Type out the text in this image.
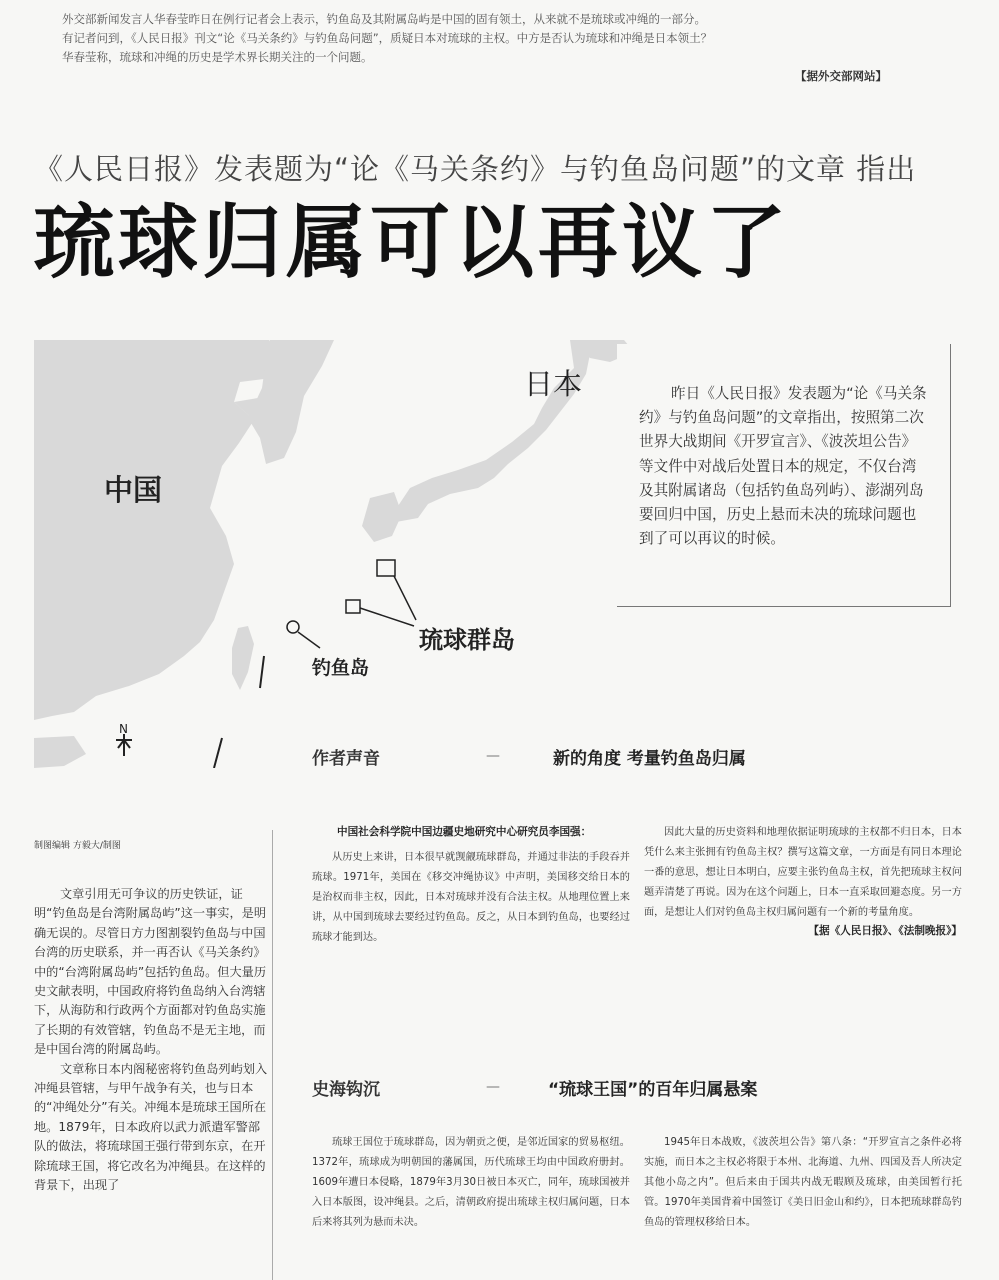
外交部新闻发言人华春莹昨日在例行记者会上表示，钓鱼岛及其附属岛屿是中国的固有领土，从来就不是琉球或冲绳的一部分。

有记者问到，《人民日报》刊文“论《马关条约》与钓鱼岛问题”，质疑日本对琉球的主权。中方是否认为琉球和冲绳是日本领土？

华春莹称，琉球和冲绳的历史是学术界长期关注的一个问题。

【据外交部网站】
《人民日报》发表题为“论《马关条约》与钓鱼岛问题”的文章 指出
琉球归属可以再议了
日本
中国
琉球群岛
钓鱼岛
N

昨日《人民日报》发表题为“论《马关条约》与钓鱼岛问题”的文章指出，按照第二次世界大战期间《开罗宣言》、《波茨坦公告》等文件中对战后处置日本的规定，不仅台湾及其附属诸岛（包括钓鱼岛列屿）、澎湖列岛要回归中国，历史上悬而未决的琉球问题也到了可以再议的时候。

制图编辑 方毅大/制图

文章引用无可争议的历史铁证，证明“钓鱼岛是台湾附属岛屿”这一事实，是明确无误的。尽管日方力图割裂钓鱼岛与中国台湾的历史联系，并一再否认《马关条约》中的“台湾附属岛屿”包括钓鱼岛。但大量历史文献表明，中国政府将钓鱼岛纳入台湾辖下，从海防和行政两个方面都对钓鱼岛实施了长期的有效管辖，钓鱼岛不是无主地，而是中国台湾的附属岛屿。

文章称日本内阁秘密将钓鱼岛列屿划入冲绳县管辖，与甲午战争有关，也与日本的“冲绳处分”有关。冲绳本是琉球王国所在地。1879年，日本政府以武力派遣军警部队的做法，将琉球国王强行带到东京，在开除琉球王国，将它改名为冲绳县。在这样的背景下，出现了

作者声音	—	新的角度 考量钓鱼岛归属

中国社会科学院中国边疆史地研究中心研究员李国强：

从历史上来讲，日本很早就觊觎琉球群岛，并通过非法的手段吞并琉球。1971年，美国在《移交冲绳协议》中声明，美国移交给日本的是治权而非主权，因此，日本对琉球并没有合法主权。从地理位置上来讲，从中国到琉球去要经过钓鱼岛。反之，从日本到钓鱼岛，也要经过琉球才能到达。

因此大量的历史资料和地理依据证明琉球的主权都不归日本，日本凭什么来主张拥有钓鱼岛主权？撰写这篇文章，一方面是有同日本理论一番的意思，想让日本明白，应要主张钓鱼岛主权，首先把琉球主权问题弄清楚了再说。因为在这个问题上，日本一直采取回避态度。另一方面，是想让人们对钓鱼岛主权归属问题有一个新的考量角度。

【据《人民日报》、《法制晚报》】
史海钩沉	—	“琉球王国”的百年归属悬案

琉球王国位于琉球群岛，因为朝贡之便，是邻近国家的贸易枢纽。1372年，琉球成为明朝国的藩属国，历代琉球王均由中国政府册封。1609年遭日本侵略，1879年3月30日被日本灭亡，同年，琉球国被并入日本版图，设冲绳县。之后，清朝政府提出琉球主权归属问题，日本后来将其列为悬而未决。

1945年日本战败，《波茨坦公告》第八条：“开罗宣言之条件必将实施，而日本之主权必将限于本州、北海道、九州、四国及吾人所决定其他小岛之内”。但后来由于国共内战无暇顾及琉球，由美国暂行托管。1970年美国背着中国签订《美日旧金山和约》，日本把琉球群岛钓鱼岛的管理权移给日本。
